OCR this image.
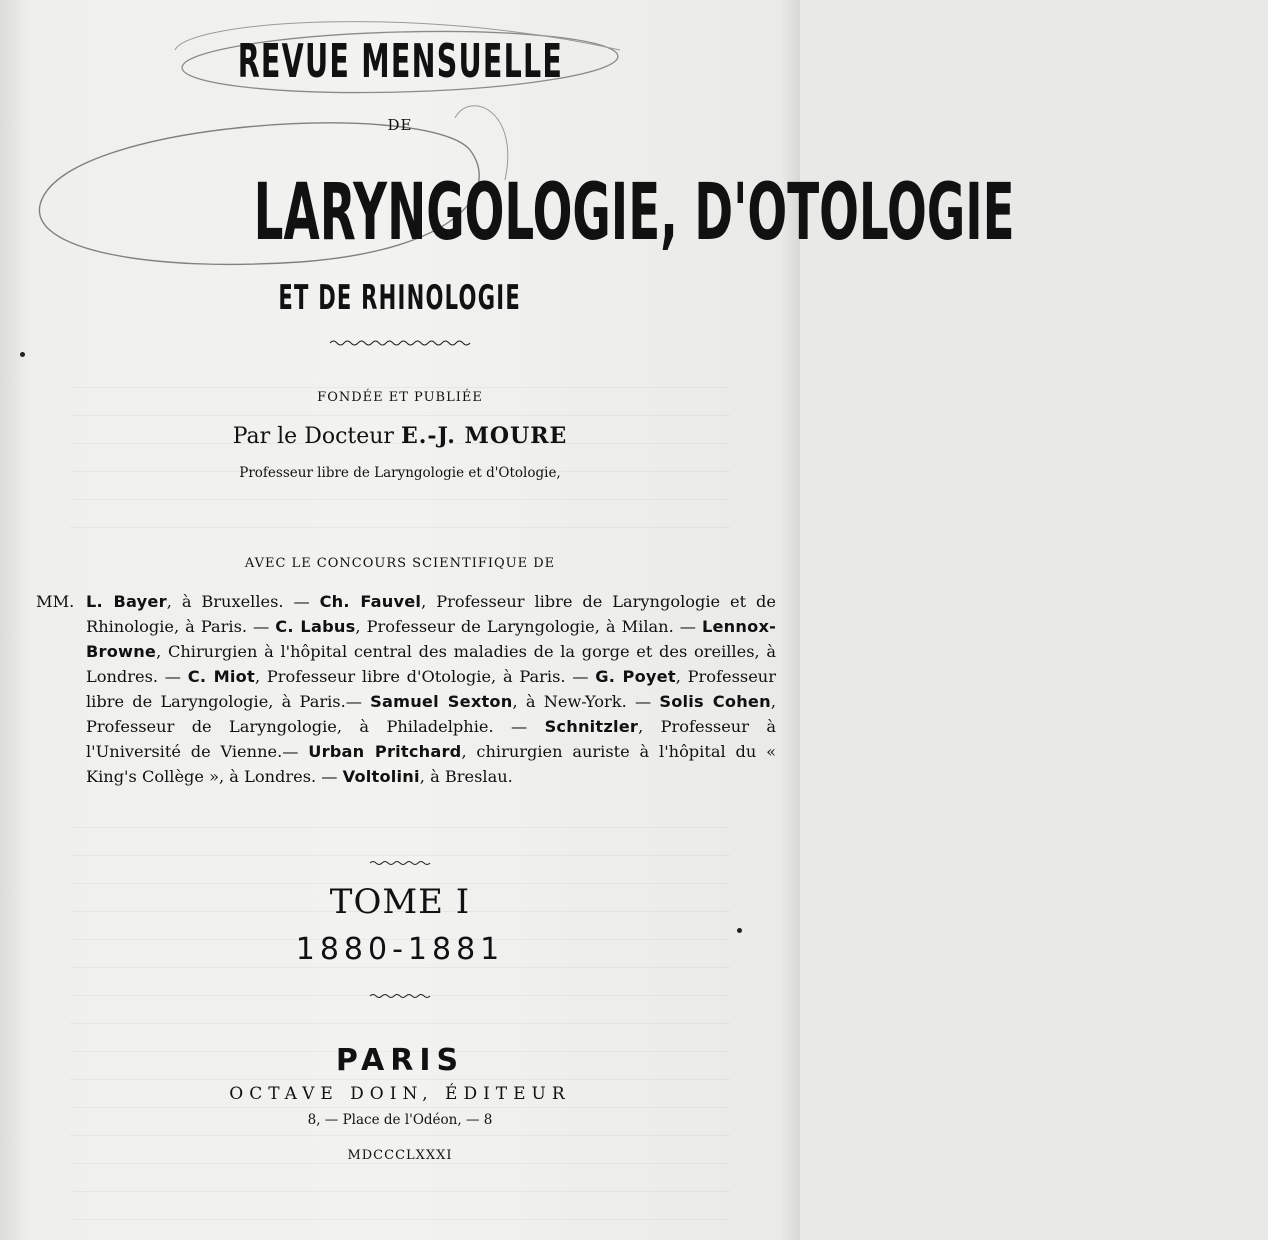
REVUE MENSUELLE
DE
LARYNGOLOGIE, D'OTOLOGIE
ET DE RHINOLOGIE
FONDÉE ET PUBLIÉE
Par le Docteur E.-J. MOURE
Professeur libre de Laryngologie et d'Otologie,
AVEC LE CONCOURS SCIENTIFIQUE DE
MM. L. Bayer, à Bruxelles. — Ch. Fauvel, Professeur libre de Laryngologie et de Rhinologie, à Paris. — C. Labus, Professeur de Laryngologie, à Milan. — Lennox-Browne, Chirurgien à l'hôpital central des maladies de la gorge et des oreilles, à Londres. — C. Miot, Professeur libre d'Otologie, à Paris. — G. Poyet, Professeur libre de Laryngologie, à Paris.— Samuel Sexton, à New-York. — Solis Cohen, Professeur de Laryngologie, à Philadelphie. — Schnitzler, Professeur à l'Université de Vienne.— Urban Pritchard, chirurgien auriste à l'hôpital du « King's Collège », à Londres. — Voltolini, à Breslau.
TOME I
1880-1881
PARIS
OCTAVE DOIN, ÉDITEUR
8, — Place de l'Odéon, — 8
MDCCCLXXXI
